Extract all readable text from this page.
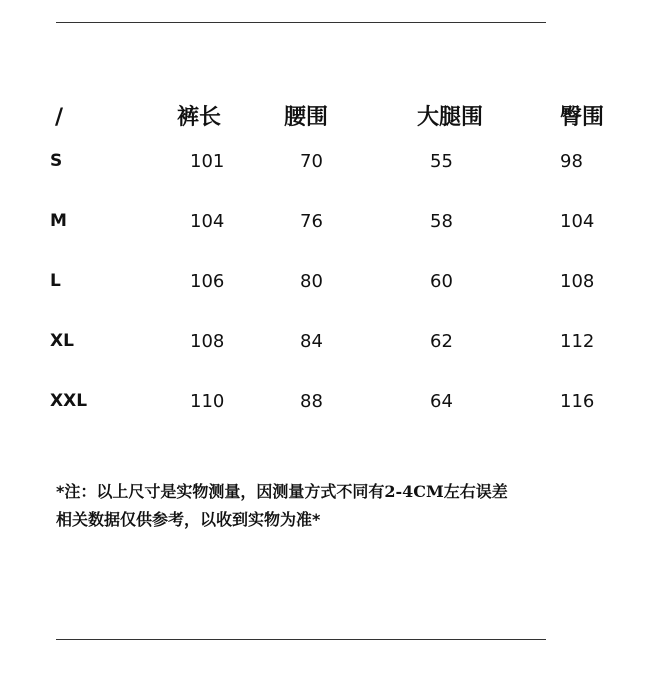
/	裤长	腰围	大腿围	臀围
S	101	70	55	98
M	104	76	58	104
L	106	80	60	108
XL	108	84	62	112
XXL	110	88	64	116
*注：以上尺寸是实物测量，因测量方式不同有2-4CM左右误差
相关数据仅供参考，以收到实物为准*
